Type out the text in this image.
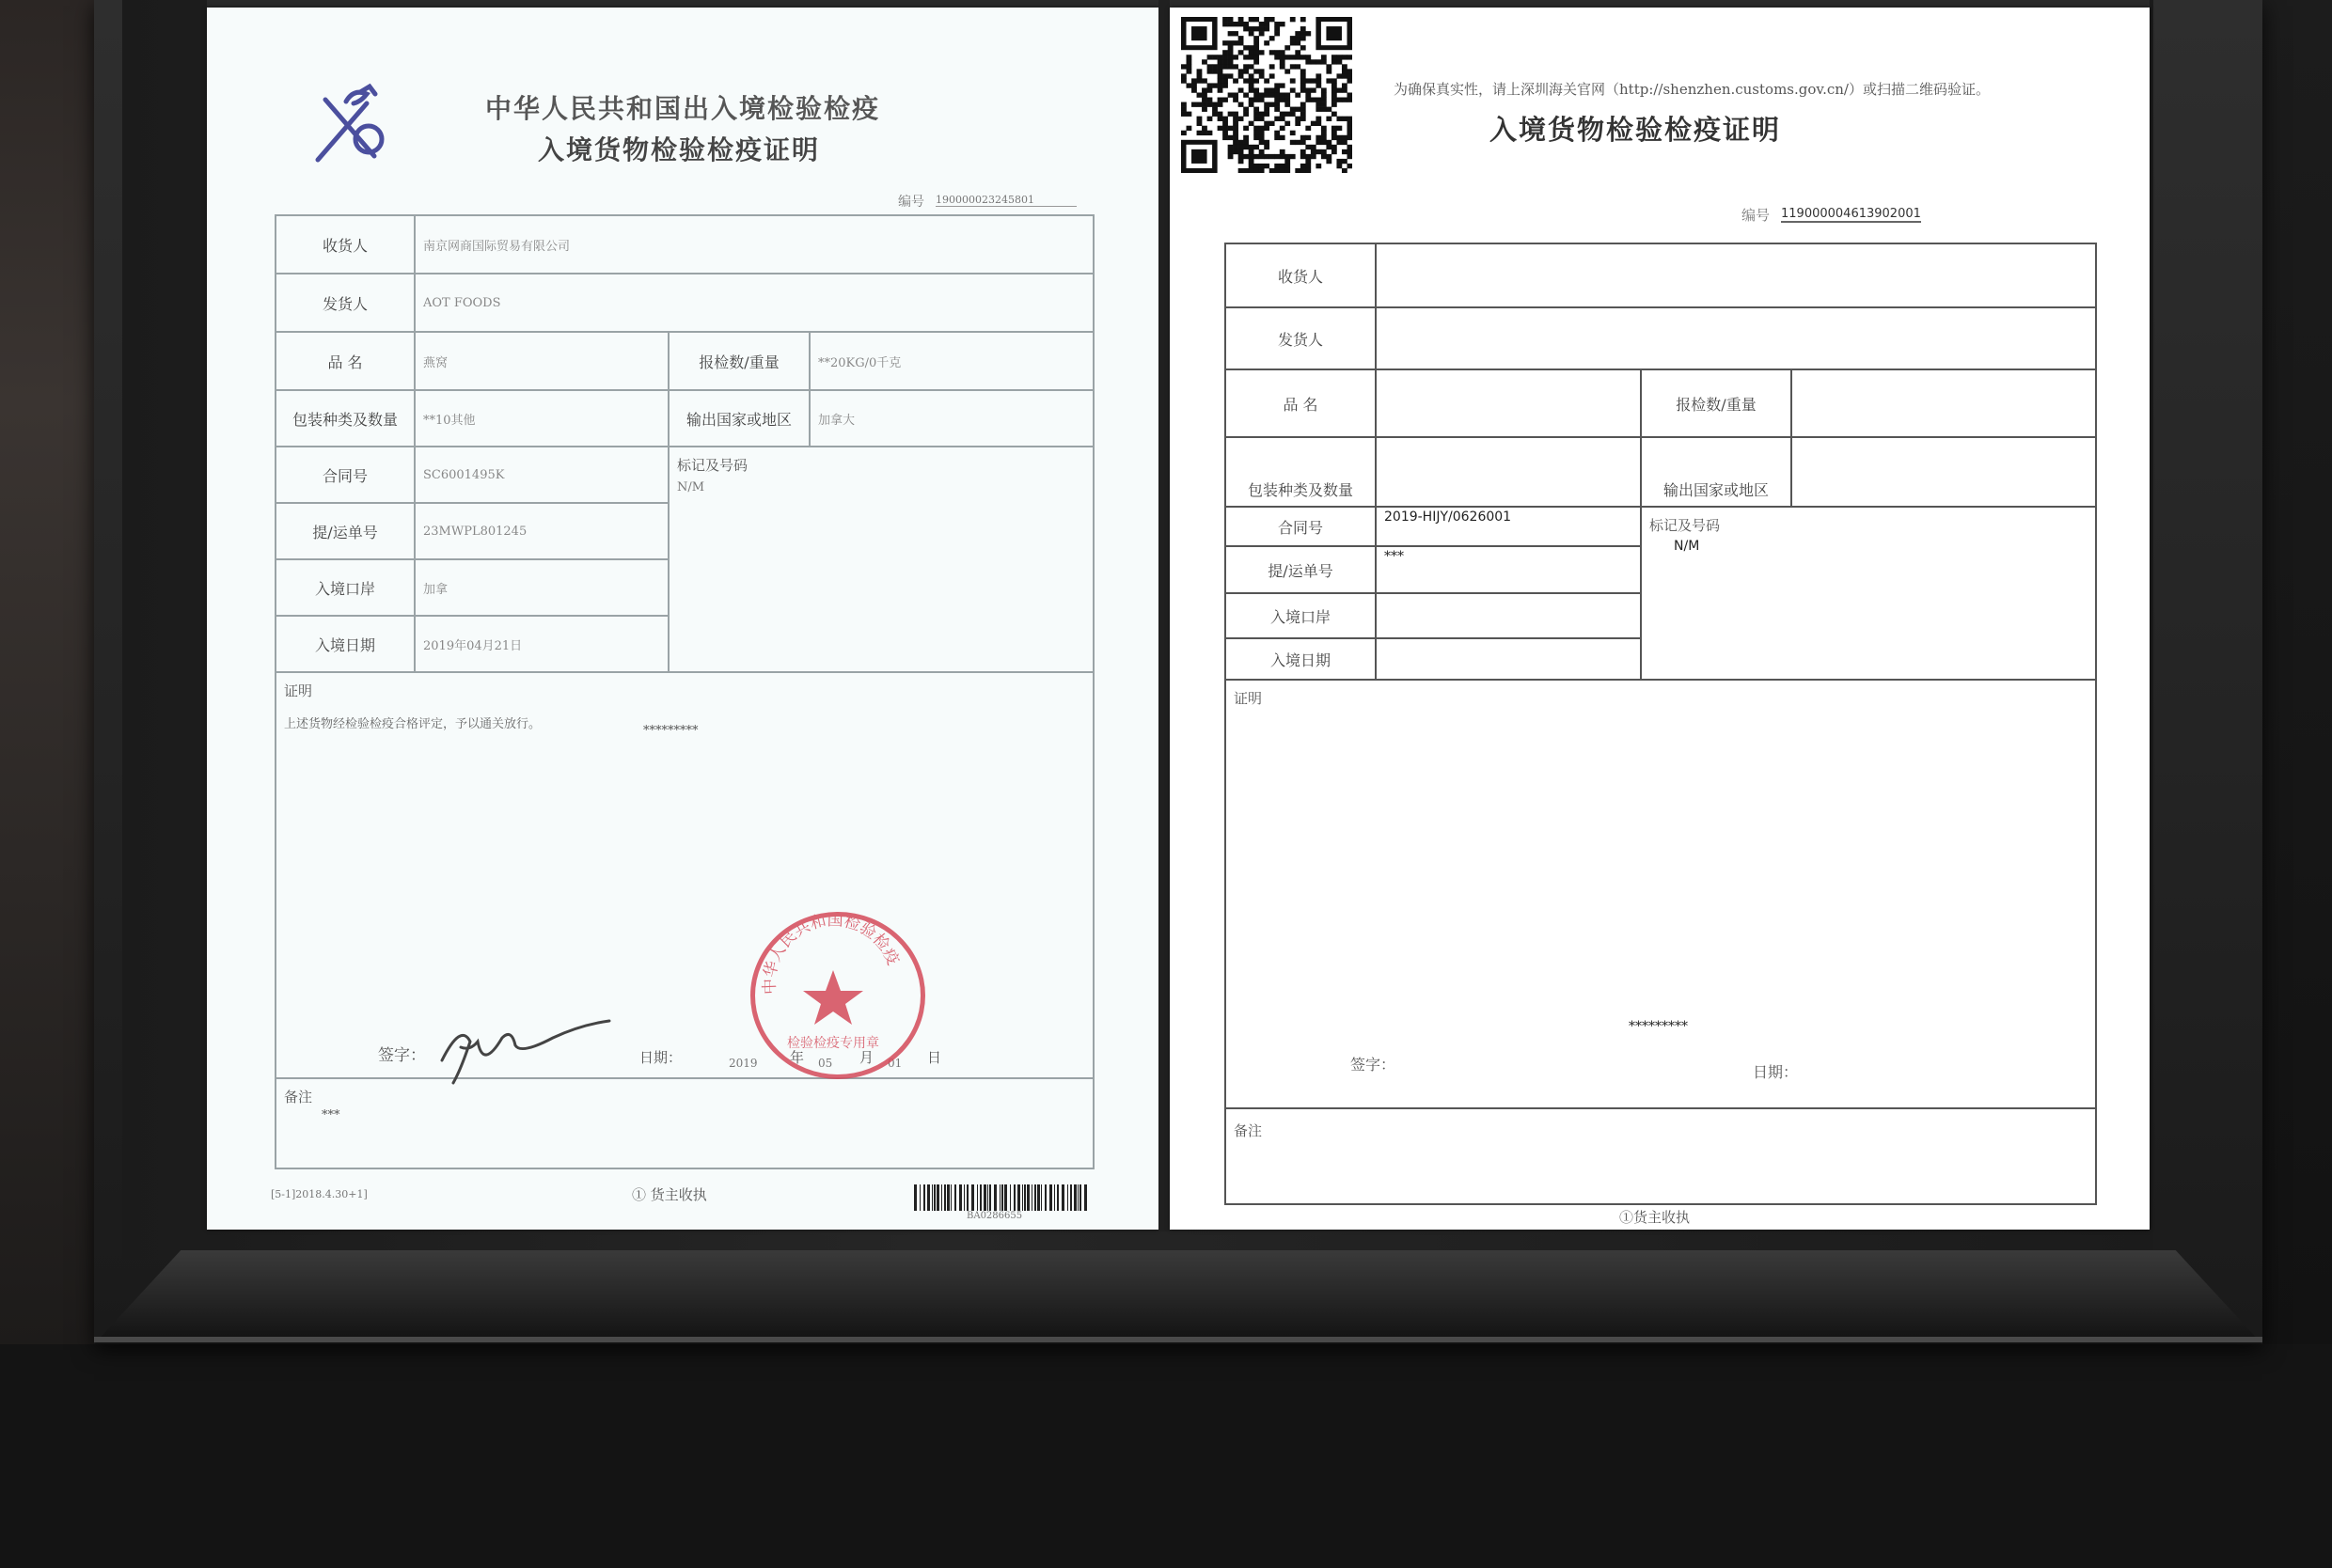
中华人民共和国出入境检验检疫
入境货物检验检疫证明
编号 190000023245801
收货人	南京网商国际贸易有限公司		
发货人	AOT FOODS		
品 名	燕窝	报检数/重量	**20KG/0千克
包装种类及数量	**10其他	输出国家或地区	加拿大
合同号	SC6001495K	标记及号码
N/M	

提/运单号	23MWPL801245		
入境口岸	加拿		
入境日期	2019年04月21日		

证明
上述货物经检验检疫合格评定，予以通关放行。 *********			

备注
***			
签字：	日期：	2019 年 05 月 01 日
中华人民共和国检验检疫
检验检疫专用章
[5-1]2018.4.30+1]	① 货主收执
BA0286655
为确保真实性，请上深圳海关官网（http://shenzhen.customs.gov.cn/）或扫描二维码验证。
入境货物检验检疫证明
编号 119000004613902001
收货人			
发货人			
品 名		报检数/重量	
包装种类及数量		输出国家或地区	
合同号	2019-HIJY/0626001	标记及号码
N/M	

提/运单号	***		
入境口岸			
入境日期			

证明
*********
签字： 日期：			

备注			
①货主收执
